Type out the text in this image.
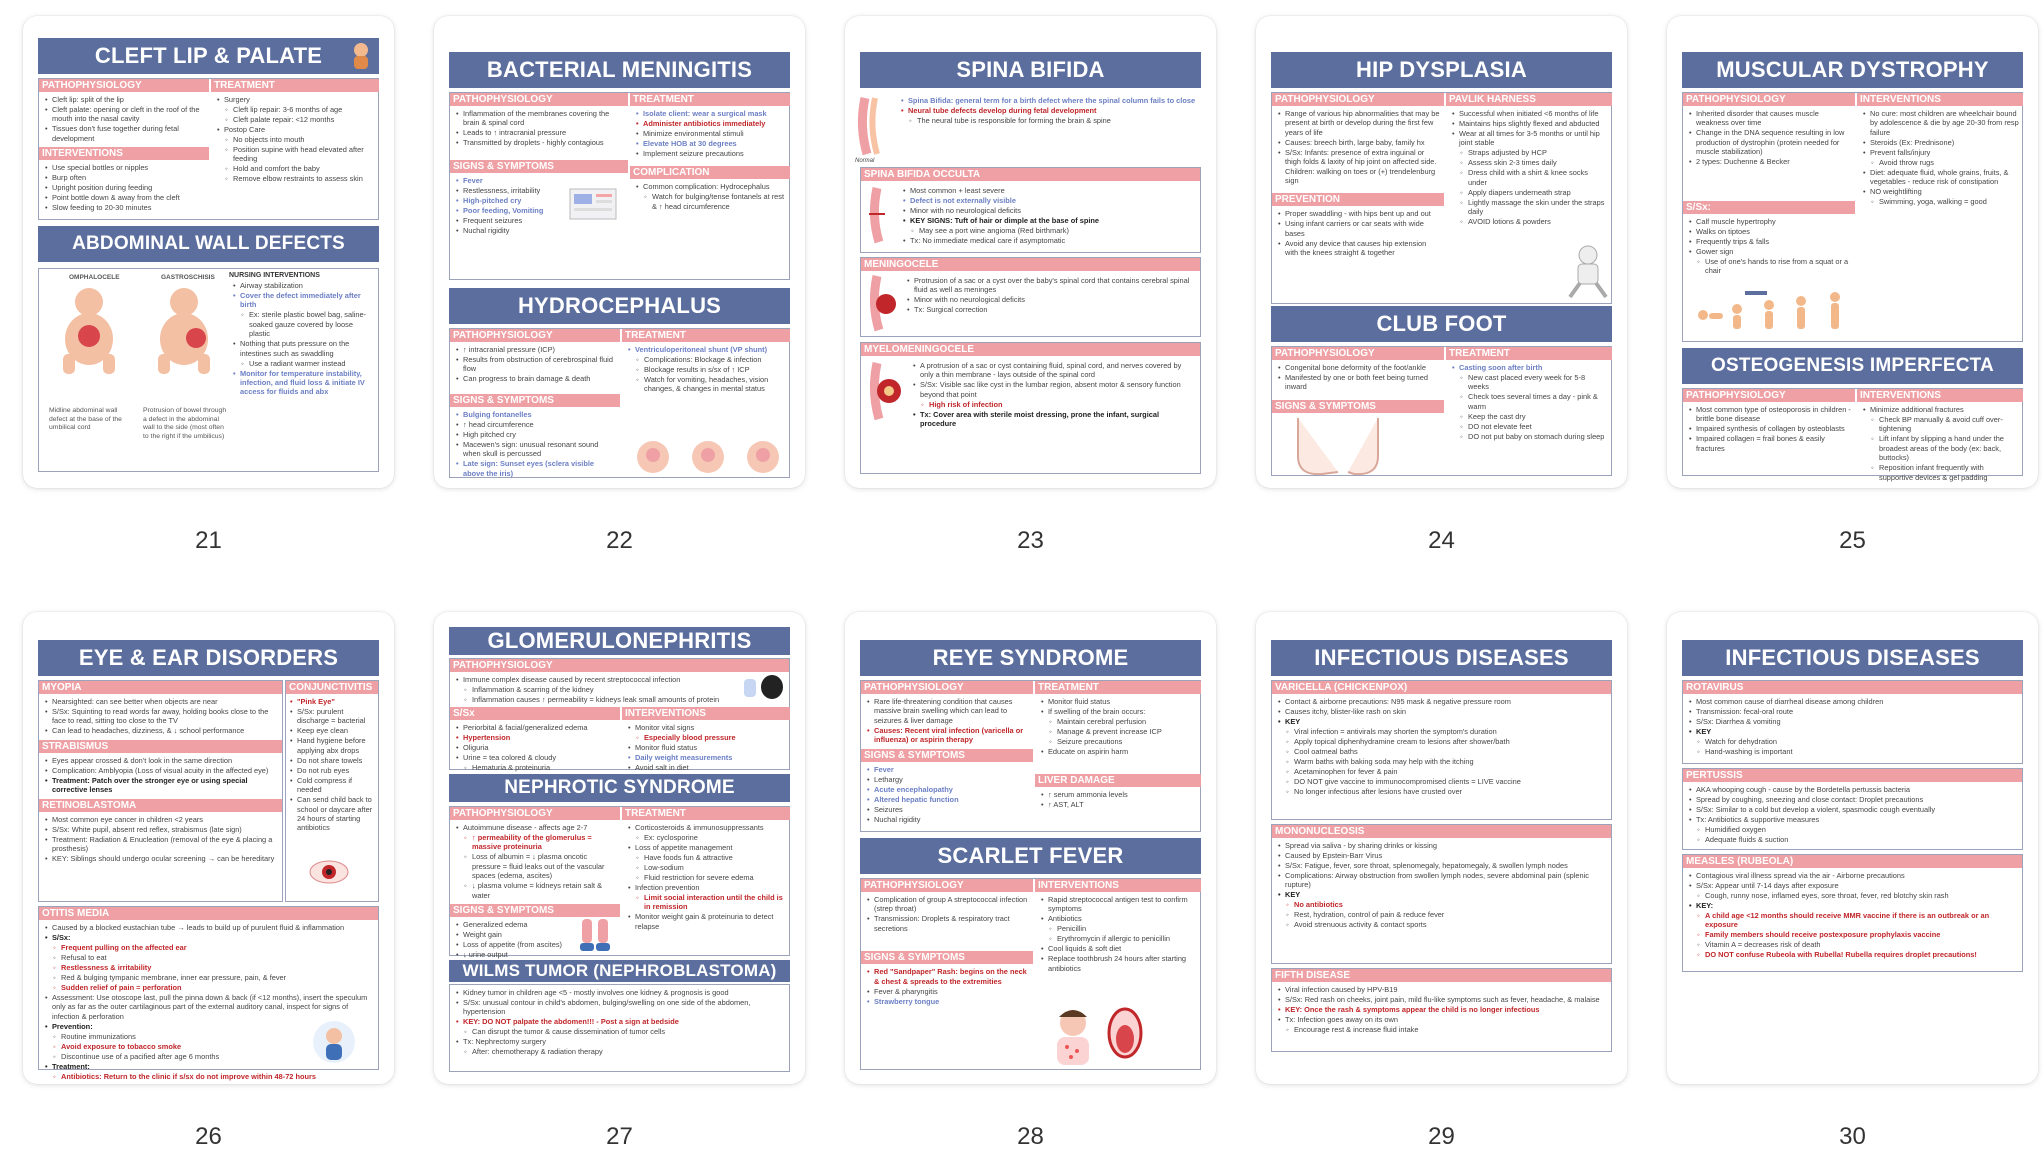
CLEFT LIP & PALATE
PATHOPHYSIOLOGY
• Cleft lip: split of the lip
• Cleft palate: opening or cleft in the roof of the mouth into the nasal cavity
• Tissues don't fuse together during fetal development
INTERVENTIONS
• Use special bottles or nipples
• Burp often
• Upright position during feeding
• Point bottle down & away from the cleft
• Slow feeding to 20-30 minutes
TREATMENT
• Surgery
◦ Cleft lip repair: 3-6 months of age
◦ Cleft palate repair: <12 months
• Postop Care
◦ No objects into mouth
◦ Position supine with head elevated after feeding
◦ Hold and comfort the baby
◦ Remove elbow restraints to assess skin
ABDOMINAL WALL DEFECTS
OMPHALOCELE	GASTROSCHISIS
Midline abdominal wall defect at the base of the umbilical cord
Protrusion of bowel through a defect in the abdominal wall to the side (most often to the right if the umbilicus)
NURSING INTERVENTIONS
• Airway stabilization
• Cover the defect immediately after birth
◦ Ex: sterile plastic bowel bag, saline-soaked gauze covered by loose plastic
• Nothing that puts pressure on the intestines such as swaddling
◦ Use a radiant warmer instead
• Monitor for temperature instability, infection, and fluid loss & initiate IV access for fluids and abx
21
BACTERIAL MENINGITIS
PATHOPHYSIOLOGY
• Inflammation of the membranes covering the brain & spinal cord
• Leads to ↑ intracranial pressure
• Transmitted by droplets - highly contagious
SIGNS & SYMPTOMS
• Fever
• Restlessness, irritability
• High-pitched cry
• Poor feeding, Vomiting
• Frequent seizures
• Nuchal rigidity
TREATMENT
• Isolate client: wear a surgical mask
• Administer antibiotics immediately
• Minimize environmental stimuli
• Elevate HOB at 30 degrees
• Implement seizure precautions
COMPLICATION
• Common complication: Hydrocephalus
◦ Watch for bulging/tense fontanels at rest & ↑ head circumference
HYDROCEPHALUS
PATHOPHYSIOLOGY
• ↑ intracranial pressure (ICP)
• Results from obstruction of cerebrospinal fluid flow
• Can progress to brain damage & death
SIGNS & SYMPTOMS
• Bulging fontanelles
• ↑ head circumference
• High pitched cry
• Macewen's sign: unusual resonant sound when skull is percussed
• Late sign: Sunset eyes (sclera visible above the iris)
TREATMENT
• Ventriculoperitoneal shunt (VP shunt)
◦ Complications: Blockage & infection
◦ Blockage results in s/sx of ↑ ICP
◦ Watch for vomiting, headaches, vision changes, & changes in mental status
22
SPINA BIFIDA
Normal
• Spina Bifida: general term for a birth defect where the spinal column fails to close
• Neural tube defects develop during fetal development
◦ The neural tube is responsible for forming the brain & spine
SPINA BIFIDA OCCULTA
• Most common + least severe
• Defect is not externally visible
• Minor with no neurological deficits
• KEY SIGNS: Tuft of hair or dimple at the base of spine
◦ May see a port wine angioma (Red birthmark)
• Tx: No immediate medical care if asymptomatic
MENINGOCELE
• Protrusion of a sac or a cyst over the baby's spinal cord that contains cerebral spinal fluid as well as meninges
• Minor with no neurological deficits
• Tx: Surgical correction
MYELOMENINGOCELE
• A protrusion of a sac or cyst containing fluid, spinal cord, and nerves covered by only a thin membrane - lays outside of the spinal cord
• S/Sx: Visible sac like cyst in the lumbar region, absent motor & sensory function beyond that point
◦ High risk of infection
• Tx: Cover area with sterile moist dressing, prone the infant, surgical procedure
23
HIP DYSPLASIA
PATHOPHYSIOLOGY
• Range of various hip abnormalities that may be present at birth or develop during the first few years of life
• Causes: breech birth, large baby, family hx
• S/Sx: Infants: presence of extra inguinal or thigh folds & laxity of hip joint on affected side. Children: walking on toes or (+) trendelenburg sign
PREVENTION
• Proper swaddling - with hips bent up and out
• Using infant carriers or car seats with wide bases
• Avoid any device that causes hip extension with the knees straight & together
PAVLIK HARNESS
• Successful when initiated <6 months of life
• Maintains hips slightly flexed and abducted
• Wear at all times for 3-5 months or until hip joint stable
◦ Straps adjusted by HCP
◦ Assess skin 2-3 times daily
◦ Dress child with a shirt & knee socks under
◦ Apply diapers underneath strap
◦ Lightly massage the skin under the straps daily
◦ AVOID lotions & powders
CLUB FOOT
PATHOPHYSIOLOGY
• Congenital bone deformity of the foot/ankle
• Manifested by one or both feet being turned inward
SIGNS & SYMPTOMS
TREATMENT
• Casting soon after birth
◦ New cast placed every week for 5-8 weeks
◦ Check toes several times a day - pink & warm
◦ Keep the cast dry
◦ DO not elevate feet
◦ DO not put baby on stomach during sleep
24
MUSCULAR DYSTROPHY
PATHOPHYSIOLOGY
• Inherited disorder that causes muscle weakness over time
• Change in the DNA sequence resulting in low production of dystrophin (protein needed for muscle stabilization)
• 2 types: Duchenne & Becker
S/Sx:
• Calf muscle hypertrophy
• Walks on tiptoes
• Frequently trips & falls
• Gower sign
◦ Use of one's hands to rise from a squat or a chair
INTERVENTIONS
• No cure: most children are wheelchair bound by adolescence & die by age 20-30 from resp failure
• Steroids (Ex: Prednisone)
• Prevent falls/injury
◦ Avoid throw rugs
• Diet: adequate fluid, whole grains, fruits, & vegetables - reduce risk of constipation
• NO weightlifting
◦ Swimming, yoga, walking = good
OSTEOGENESIS IMPERFECTA
PATHOPHYSIOLOGY
• Most common type of osteoporosis in children - brittle bone disease
• Impaired synthesis of collagen by osteoblasts
• Impaired collagen = frail bones & easily fractures
INTERVENTIONS
• Minimize additional fractures
◦ Check BP manually & avoid cuff over-tightening
◦ Lift infant by slipping a hand under the broadest areas of the body (ex: back, buttocks)
◦ Reposition infant frequently with supportive devices & gel padding
25
EYE & EAR DISORDERS
MYOPIA
• Nearsighted: can see better when objects are near
• S/Sx: Squinting to read words far away, holding books close to the face to read, sitting too close to the TV
• Can lead to headaches, dizziness, & ↓ school performance
STRABISMUS
• Eyes appear crossed & don't look in the same direction
• Complication: Amblyopia (Loss of visual acuity in the affected eye)
• Treatment: Patch over the stronger eye or using special corrective lenses
RETINOBLASTOMA
• Most common eye cancer in children <2 years
• S/Sx: White pupil, absent red reflex, strabismus (late sign)
• Treatment: Radiation & Enucleation (removal of the eye & placing a prosthesis)
• KEY: Siblings should undergo ocular screening → can be hereditary
CONJUNCTIVITIS
• "Pink Eye"
• S/Sx: purulent discharge = bacterial
• Keep eye clean
• Hand hygiene before applying abx drops
• Do not share towels
• Do not rub eyes
• Cold compress if needed
• Can send child back to school or daycare after 24 hours of starting antibiotics
OTITIS MEDIA
• Caused by a blocked eustachian tube → leads to build up of purulent fluid & inflammation
• S/Sx:
◦ Frequent pulling on the affected ear
◦ Refusal to eat
◦ Restlessness & irritability
◦ Red & bulging tympanic membrane, inner ear pressure, pain, & fever
◦ Sudden relief of pain = perforation
• Assessment: Use otoscope last, pull the pinna down & back (if <12 months), insert the speculum only as far as the outer cartilaginous part of the external auditory canal, inspect for signs of infection & perforation
• Prevention:
◦ Routine immunizations
◦ Avoid exposure to tobacco smoke
◦ Discontinue use of a pacified after age 6 months
• Treatment:
◦ Antibiotics: Return to the clinic if s/sx do not improve within 48-72 hours
26
GLOMERULONEPHRITIS
PATHOPHYSIOLOGY
• Immune complex disease caused by recent streptococcal infection
◦ Inflammation & scarring of the kidney
◦ Inflammation causes ↑ permeability = kidneys leak small amounts of protein
S/Sx
• Periorbital & facial/generalized edema
• Hypertension
• Oliguria
• Urine = tea colored & cloudy
◦ Hematuria & proteinuria
INTERVENTIONS
• Monitor vital signs
◦ Especially blood pressure
• Monitor fluid status
• Daily weight measurements
• Avoid salt in diet
NEPHROTIC SYNDROME
PATHOPHYSIOLOGY
• Autoimmune disease - affects age 2-7
◦ ↑ permeability of the glomerulus = massive proteinuria
◦ Loss of albumin = ↓ plasma oncotic pressure = fluid leaks out of the vascular spaces (edema, ascites)
◦ ↓ plasma volume = kidneys retain salt & water
SIGNS & SYMPTOMS
• Generalized edema
• Weight gain
• Loss of appetite (from ascites)
• ↓ urine output
TREATMENT
• Corticosteroids & immunosuppressants
◦ Ex: cyclosporine
• Loss of appetite management
◦ Have foods fun & attractive
◦ Low-sodium
◦ Fluid restriction for severe edema
• Infection prevention
◦ Limit social interaction until the child is in remission
• Monitor weight gain & proteinuria to detect relapse
WILMS TUMOR (NEPHROBLASTOMA)
• Kidney tumor in children age <5 - mostly involves one kidney & prognosis is good
• S/Sx: unusual contour in child's abdomen, bulging/swelling on one side of the abdomen, hypertension
• KEY: DO NOT palpate the abdomen!!! - Post a sign at bedside
◦ Can disrupt the tumor & cause dissemination of tumor cells
• Tx: Nephrectomy surgery
◦ After: chemotherapy & radiation therapy
27
REYE SYNDROME
PATHOPHYSIOLOGY
• Rare life-threatening condition that causes massive brain swelling which can lead to seizures & liver damage
• Causes: Recent viral infection (varicella or influenza) or aspirin therapy
SIGNS & SYMPTOMS
• Fever
• Lethargy
• Acute encephalopathy
• Altered hepatic function
• Seizures
• Nuchal rigidity
TREATMENT
• Monitor fluid status
• If swelling of the brain occurs:
◦ Maintain cerebral perfusion
◦ Manage & prevent increase ICP
◦ Seizure precautions
• Educate on aspirin harm
LIVER DAMAGE
• ↑ serum ammonia levels
• ↑ AST, ALT
SCARLET FEVER
PATHOPHYSIOLOGY
• Complication of group A streptococcal infection (strep throat)
• Transmission: Droplets & respiratory tract secretions
SIGNS & SYMPTOMS
• Red "Sandpaper" Rash: begins on the neck & chest & spreads to the extremities
• Fever & pharyngitis
• Strawberry tongue
INTERVENTIONS
• Rapid streptococcal antigen test to confirm symptoms
• Antibiotics
◦ Penicillin
◦ Erythromycin if allergic to penicillin
• Cool liquids & soft diet
• Replace toothbrush 24 hours after starting antibiotics
28
INFECTIOUS DISEASES
VARICELLA (CHICKENPOX)
• Contact & airborne precautions: N95 mask & negative pressure room
• Causes itchy, blister-like rash on skin
• KEY
◦ Viral infection = antivirals may shorten the symptom's duration
◦ Apply topical diphenhydramine cream to lesions after shower/bath
◦ Cool oatmeal baths
◦ Warm baths with baking soda may help with the itching
◦ Acetaminophen for fever & pain
◦ DO NOT give vaccine to immunocompromised clients = LIVE vaccine
◦ No longer infectious after lesions have crusted over
MONONUCLEOSIS
• Spread via saliva - by sharing drinks or kissing
• Caused by Epstein-Barr Virus
• S/Sx: Fatigue, fever, sore throat, splenomegaly, hepatomegaly, & swollen lymph nodes
• Complications: Airway obstruction from swollen lymph nodes, severe abdominal pain (splenic rupture)
• KEY
◦ No antibiotics
◦ Rest, hydration, control of pain & reduce fever
◦ Avoid strenuous activity & contact sports
FIFTH DISEASE
• Viral infection caused by HPV-B19
• S/Sx: Red rash on cheeks, joint pain, mild flu-like symptoms such as fever, headache, & malaise
• KEY: Once the rash & symptoms appear the child is no longer infectious
• Tx: Infection goes away on its own
◦ Encourage rest & increase fluid intake
29
INFECTIOUS DISEASES
ROTAVIRUS
• Most common cause of diarrheal disease among children
• Transmission: fecal-oral route
• S/Sx: Diarrhea & vomiting
• KEY
◦ Watch for dehydration
◦ Hand-washing is important
PERTUSSIS
• AKA whooping cough - cause by the Bordetella pertussis bacteria
• Spread by coughing, sneezing and close contact: Droplet precautions
• S/Sx: Similar to a cold but develop a violent, spasmodic cough eventually
• Tx: Antibiotics & supportive measures
◦ Humidified oxygen
◦ Adequate fluids & suction
MEASLES (RUBEOLA)
• Contagious viral illness spread via the air - Airborne precautions
• S/Sx: Appear until 7-14 days after exposure
◦ Cough, runny nose, inflamed eyes, sore throat, fever, red blotchy skin rash
• KEY:
◦ A child age <12 months should receive MMR vaccine if there is an outbreak or an exposure
◦ Family members should receive postexposure prophylaxis vaccine
◦ Vitamin A = decreases risk of death
◦ DO NOT confuse Rubeola with Rubella! Rubella requires droplet precautions!
30
